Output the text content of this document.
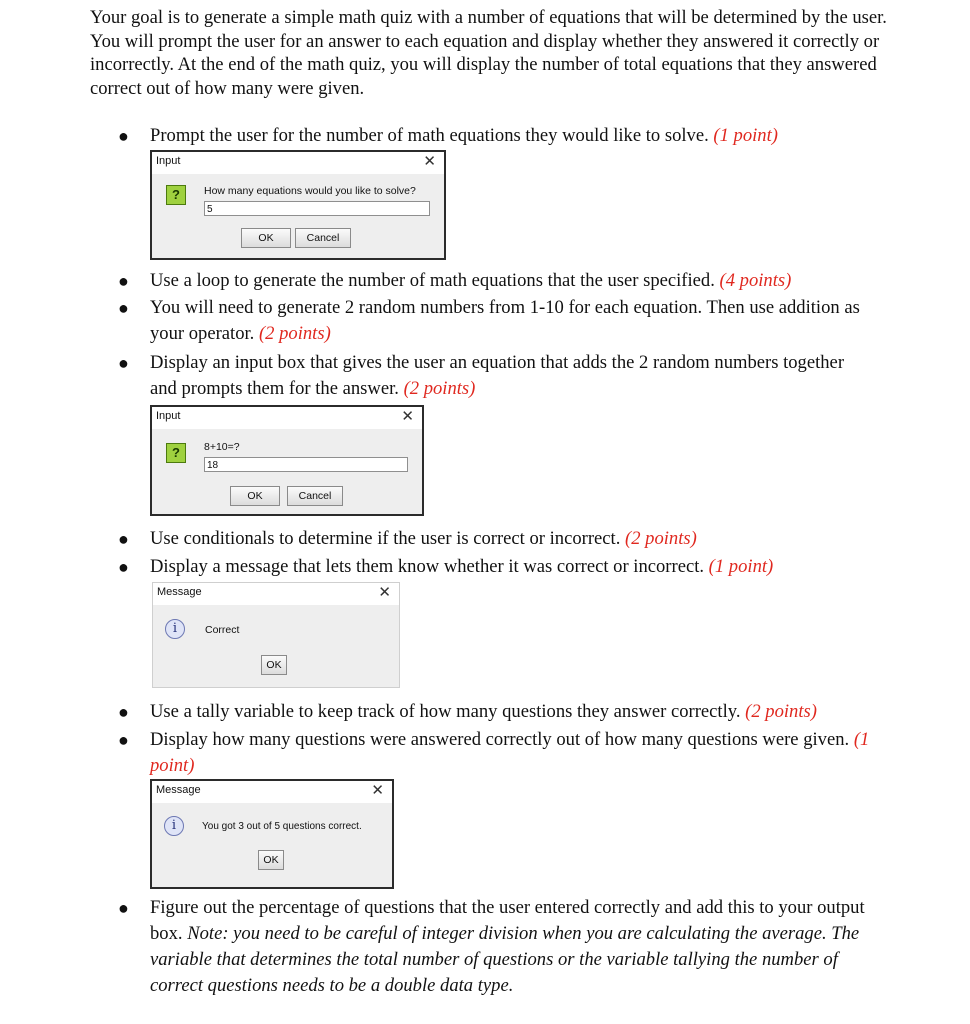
Your goal is to generate a simple math quiz with a number of equations that will be determined by the user. You will prompt the user for an answer to each equation and display whether they answered it correctly or incorrectly. At the end of the math quiz, you will display the number of total equations that they answered correct out of how many were given.

● Prompt the user for the number of math equations they would like to solve. (1 point)
Input	✕
?	How many equations would you like to solve?
5
OK	Cancel
● Use a loop to generate the number of math equations that the user specified. (4 points)
● You will need to generate 2 random numbers from 1-10 for each equation. Then use addition as your operator. (2 points)
● Display an input box that gives the user an equation that adds the 2 random numbers together and prompts them for the answer. (2 points)
Input	✕
?	8+10=?
18
OK	Cancel
● Use conditionals to determine if the user is correct or incorrect. (2 points)
● Display a message that lets them know whether it was correct or incorrect. (1 point)
Message	✕
i	Correct
OK
● Use a tally variable to keep track of how many questions they answer correctly. (2 points)
● Display how many questions were answered correctly out of how many questions were given. (1 point)
Message	✕
i	You got 3 out of 5 questions correct.
OK
● Figure out the percentage of questions that the user entered correctly and add this to your output box. Note: you need to be careful of integer division when you are calculating the average. The variable that determines the total number of questions or the variable tallying the number of correct questions needs to be a double data type.
